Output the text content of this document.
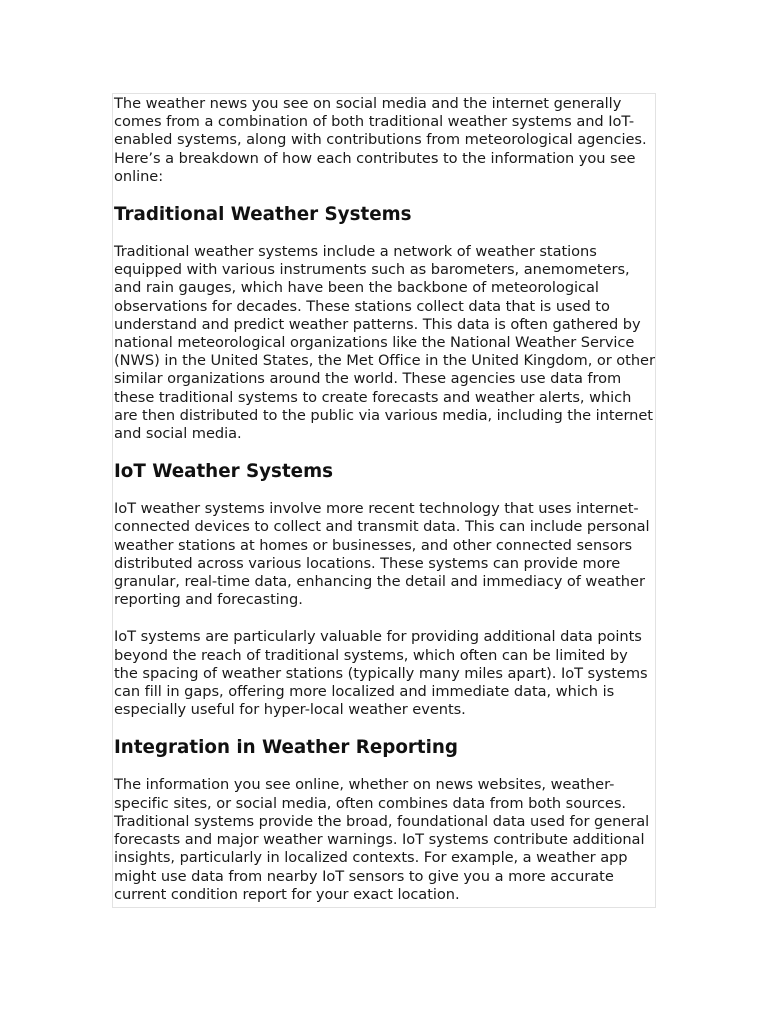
The weather news you see on social media and the internet generally comes from a combination of both traditional weather systems and IoT-enabled systems, along with contributions from meteorological agencies. Here’s a breakdown of how each contributes to the information you see online:

Traditional Weather Systems

Traditional weather systems include a network of weather stations equipped with various instruments such as barometers, anemometers, and rain gauges, which have been the backbone of meteorological observations for decades. These stations collect data that is used to understand and predict weather patterns. This data is often gathered by national meteorological organizations like the National Weather Service (NWS) in the United States, the Met Office in the United Kingdom, or other similar organizations around the world. These agencies use data from these traditional systems to create forecasts and weather alerts, which are then distributed to the public via various media, including the internet and social media.

IoT Weather Systems

IoT weather systems involve more recent technology that uses internet-connected devices to collect and transmit data. This can include personal weather stations at homes or businesses, and other connected sensors distributed across various locations. These systems can provide more granular, real-time data, enhancing the detail and immediacy of weather reporting and forecasting.

IoT systems are particularly valuable for providing additional data points beyond the reach of traditional systems, which often can be limited by the spacing of weather stations (typically many miles apart). IoT systems can fill in gaps, offering more localized and immediate data, which is especially useful for hyper-local weather events.

Integration in Weather Reporting

The information you see online, whether on news websites, weather-specific sites, or social media, often combines data from both sources. Traditional systems provide the broad, foundational data used for general forecasts and major weather warnings. IoT systems contribute additional insights, particularly in localized contexts. For example, a weather app might use data from nearby IoT sensors to give you a more accurate current condition report for your exact location.
